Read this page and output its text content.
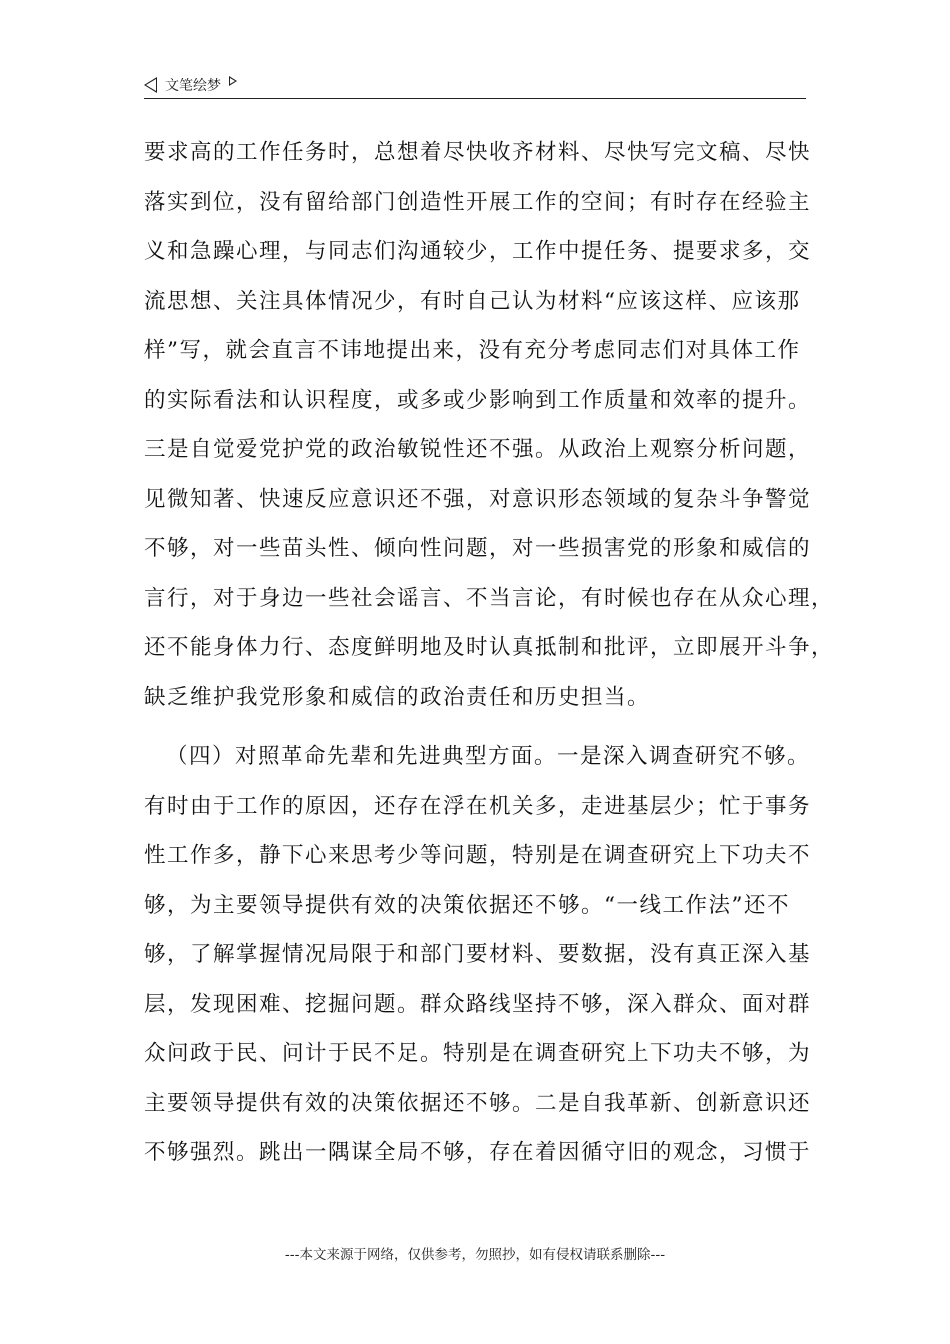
文笔绘梦
要求高的工作任务时，总想着尽快收齐材料、尽快写完文稿、尽快
落实到位，没有留给部门创造性开展工作的空间；有时存在经验主
义和急躁心理，与同志们沟通较少，工作中提任务、提要求多，交
流思想、关注具体情况少，有时自己认为材料“应该这样、应该那
样”写，就会直言不讳地提出来，没有充分考虑同志们对具体工作
的实际看法和认识程度，或多或少影响到工作质量和效率的提升。
三是自觉爱党护党的政治敏锐性还不强。从政治上观察分析问题，
见微知著、快速反应意识还不强，对意识形态领域的复杂斗争警觉
不够，对一些苗头性、倾向性问题，对一些损害党的形象和威信的
言行，对于身边一些社会谣言、不当言论，有时候也存在从众心理，
还不能身体力行、态度鲜明地及时认真抵制和批评，立即展开斗争，
缺乏维护我党形象和威信的政治责任和历史担当。
（四）对照革命先辈和先进典型方面。一是深入调查研究不够。
有时由于工作的原因，还存在浮在机关多，走进基层少；忙于事务
性工作多，静下心来思考少等问题，特别是在调查研究上下功夫不
够，为主要领导提供有效的决策依据还不够。“一线工作法”还不
够，了解掌握情况局限于和部门要材料、要数据，没有真正深入基
层，发现困难、挖掘问题。群众路线坚持不够，深入群众、面对群
众问政于民、问计于民不足。特别是在调查研究上下功夫不够，为
主要领导提供有效的决策依据还不够。二是自我革新、创新意识还
不够强烈。跳出一隅谋全局不够，存在着因循守旧的观念，习惯于
---本文来源于网络，仅供参考，勿照抄，如有侵权请联系删除---
